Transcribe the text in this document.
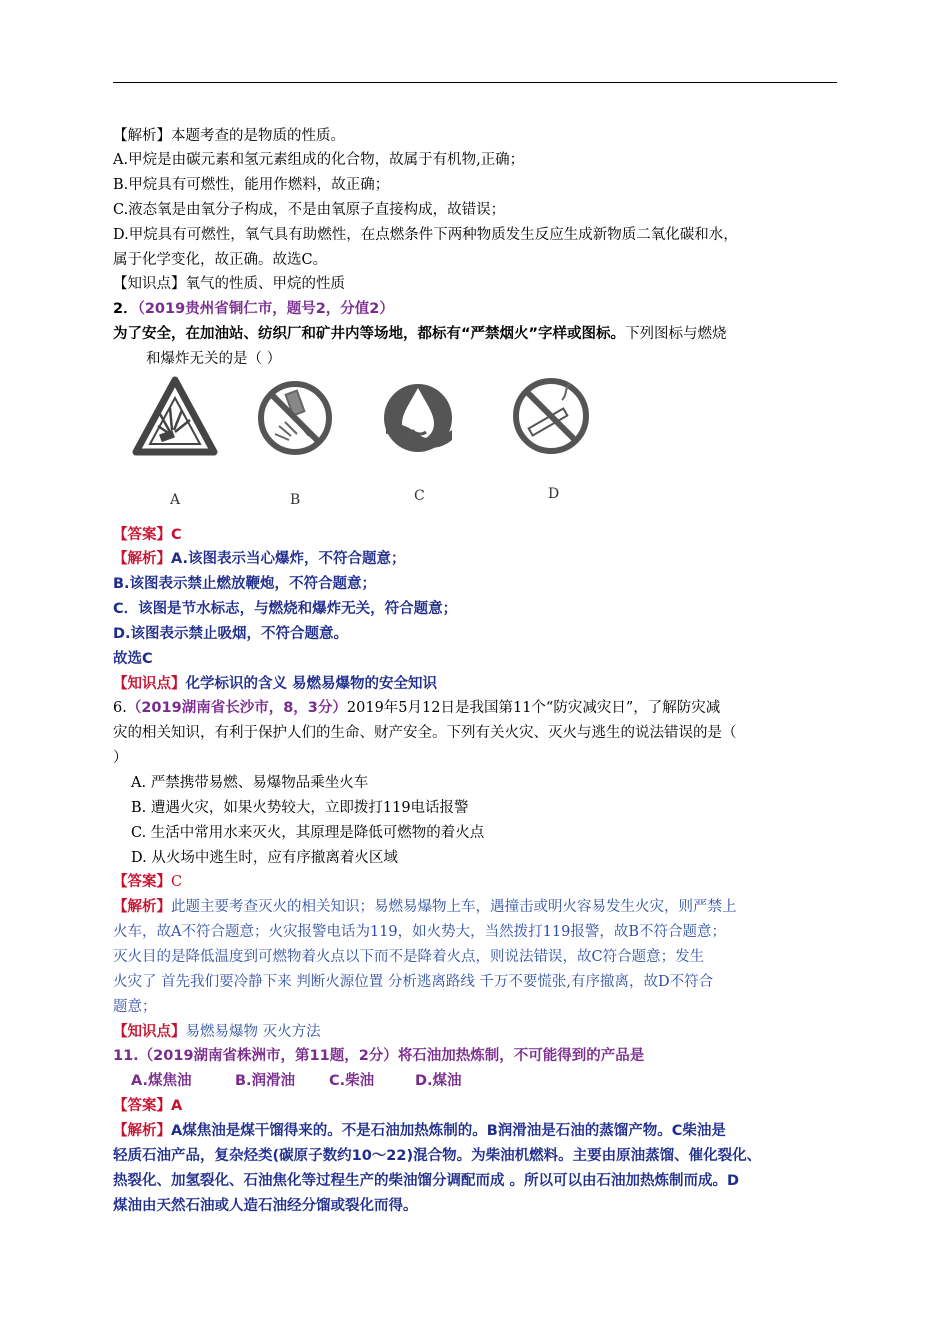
【解析】本题考查的是物质的性质。
A.甲烷是由碳元素和氢元素组成的化合物，故属于有机物,正确；
B.甲烷具有可燃性，能用作燃料，故正确；
C.液态氧是由氧分子构成，不是由氧原子直接构成，故错误；
D.甲烷具有可燃性，氧气具有助燃性，在点燃条件下两种物质发生反应生成新物质二氧化碳和水，
属于化学变化，故正确。故选C。
【知识点】氧气的性质、甲烷的性质
2．（2019贵州省铜仁市，题号2，分值2）
为了安全，在加油站、纺织厂和矿井内等场地，都标有“严禁烟火”字样或图标。下列图标与燃烧
和爆炸无关的是（ ）
A	B	C	D
【答案】C
【解析】A.该图表示当心爆炸，不符合题意；
B.该图表示禁止燃放鞭炮，不符合题意；
C．该图是节水标志，与燃烧和爆炸无关，符合题意；
D.该图表示禁止吸烟，不符合题意。
故选C
【知识点】化学标识的含义 易燃易爆物的安全知识
6.（2019湖南省长沙市，8，3分）2019年5月12日是我国第11个“防灾减灾日”，了解防灾减
灾的相关知识，有利于保护人们的生命、财产安全。下列有关火灾、灭火与逃生的说法错误的是（
）
A. 严禁携带易燃、易爆物品乘坐火车
B. 遭遇火灾，如果火势较大，立即拨打119电话报警
C. 生活中常用水来灭火，其原理是降低可燃物的着火点
D. 从火场中逃生时，应有序撤离着火区域
【答案】C
【解析】此题主要考查灭火的相关知识；易燃易爆物上车，遇撞击或明火容易发生火灾，则严禁上
火车，故A不符合题意；火灾报警电话为119，如火势大，当然拨打119报警，故B不符合题意；
灭火目的是降低温度到可燃物着火点以下而不是降着火点，则说法错误，故C符合题意；发生
火灾了 首先我们要冷静下来 判断火源位置 分析逃离路线 千万不要慌张,有序撤离，故D不符合
题意；
【知识点】易燃易爆物 灭火方法
11.（2019湖南省株洲市，第11题，2分）将石油加热炼制，不可能得到的产品是
A.煤焦油	B.润滑油 C.柴油	D.煤油
【答案】A
【解析】A煤焦油是煤干馏得来的。不是石油加热炼制的。B润滑油是石油的蒸馏产物。C柴油是
轻质石油产品，复杂烃类(碳原子数约10～22)混合物。为柴油机燃料。主要由原油蒸馏、催化裂化、
热裂化、加氢裂化、石油焦化等过程生产的柴油馏分调配而成 。所以可以由石油加热炼制而成。D
煤油由天然石油或人造石油经分馏或裂化而得。
